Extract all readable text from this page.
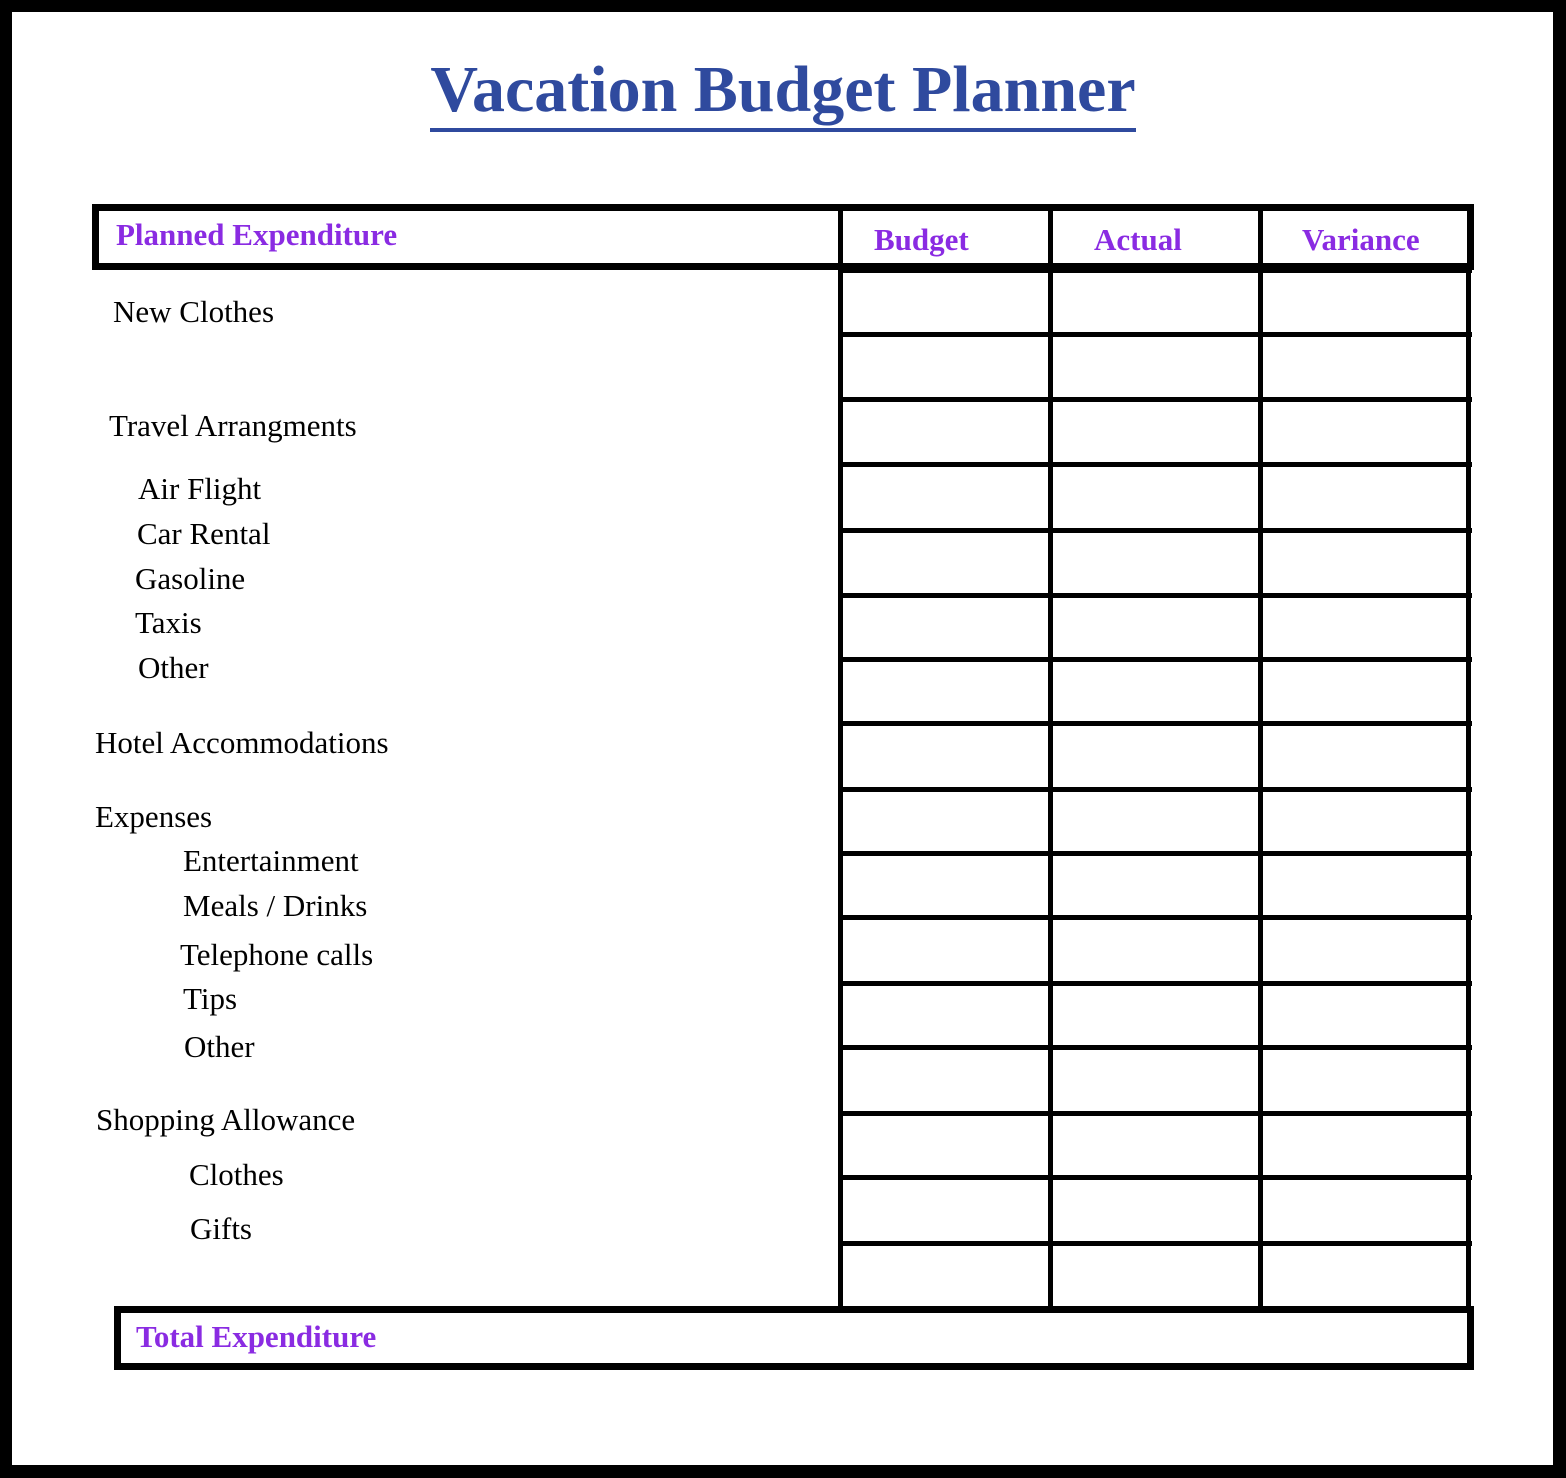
Vacation Budget Planner
Planned Expenditure	Budget	Actual	Variance
New Clothes
Travel Arrangments
Air Flight
Car Rental
Gasoline
Taxis
Other
Hotel Accommodations
Expenses
Entertainment
Meals / Drinks
Telephone calls
Tips
Other
Shopping Allowance
Clothes
Gifts
Total Expenditure
